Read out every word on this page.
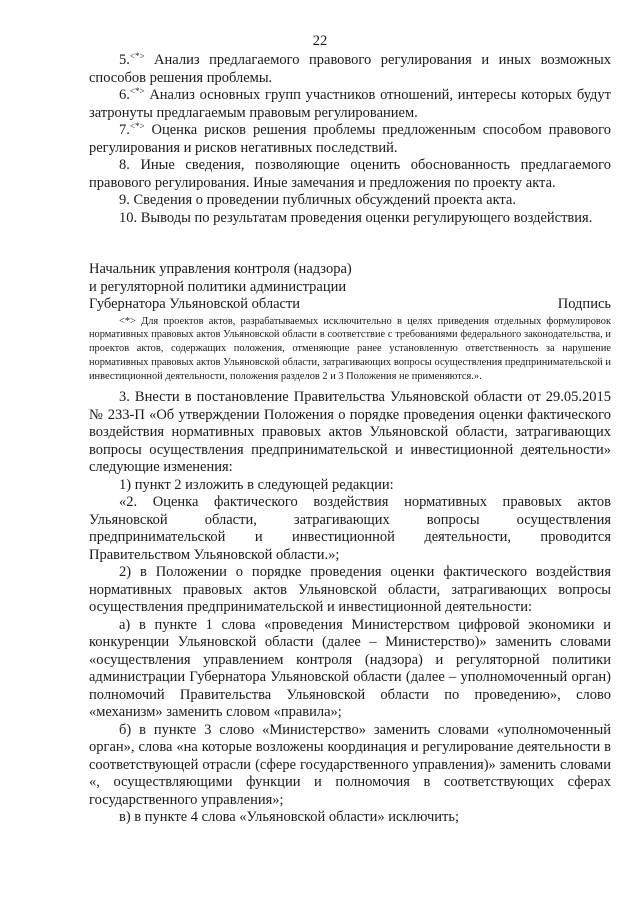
22

5.<*> Анализ предлагаемого правового регулирования и иных возможных способов решения проблемы.

6.<*> Анализ основных групп участников отношений, интересы которых будут затронуты предлагаемым правовым регулированием.

7.<*> Оценка рисков решения проблемы предложенным способом правового регулирования и рисков негативных последствий.

8. Иные сведения, позволяющие оценить обоснованность предлагаемого правового регулирования. Иные замечания и предложения по проекту акта.

9. Сведения о проведении публичных обсуждений проекта акта.

10. Выводы по результатам проведения оценки регулирующего воздействия.

Начальник управления контроля (надзора)

и регуляторной политики администрации

Губернатора Ульяновской области	Подпись

<*> Для проектов актов, разрабатываемых исключительно в целях приведения отдельных формулировок нормативных правовых актов Ульяновской области в соответствие с требованиями федерального законодательства, и проектов актов, содержащих положения, отменяющие ранее установленную ответственность за нарушение нормативных правовых актов Ульяновской области, затрагивающих вопросы осуществления предпринимательской и инвестиционной деятельности, положения разделов 2 и 3 Положения не применяются.».

3. Внести в постановление Правительства Ульяновской области от 29.05.2015 № 233-П «Об утверждении Положения о порядке проведения оценки фактического воздействия нормативных правовых актов Ульяновской области, затрагивающих вопросы осуществления предпринимательской и инвестиционной деятельности» следующие изменения:

1) пункт 2 изложить в следующей редакции:

«2. Оценка фактического воздействия нормативных правовых актов Ульяновской области, затрагивающих вопросы осуществления предпринимательской и инвестиционной деятельности, проводится Правительством Ульяновской области.»;

2) в Положении о порядке проведения оценки фактического воздействия нормативных правовых актов Ульяновской области, затрагивающих вопросы осуществления предпринимательской и инвестиционной деятельности:

а) в пункте 1 слова «проведения Министерством цифровой экономики и конкуренции Ульяновской области (далее – Министерство)» заменить словами «осуществления управлением контроля (надзора) и регуляторной политики администрации Губернатора Ульяновской области (далее – уполномоченный орган) полномочий Правительства Ульяновской области по проведению», слово «механизм» заменить словом «правила»;

б) в пункте 3 слово «Министерство» заменить словами «уполномоченный орган», слова «на которые возложены координация и регулирование деятельности в соответствующей отрасли (сфере государственного управления)» заменить словами «, осуществляющими функции и полномочия в соответствующих сферах государственного управления»;

в) в пункте 4 слова «Ульяновской области» исключить;
